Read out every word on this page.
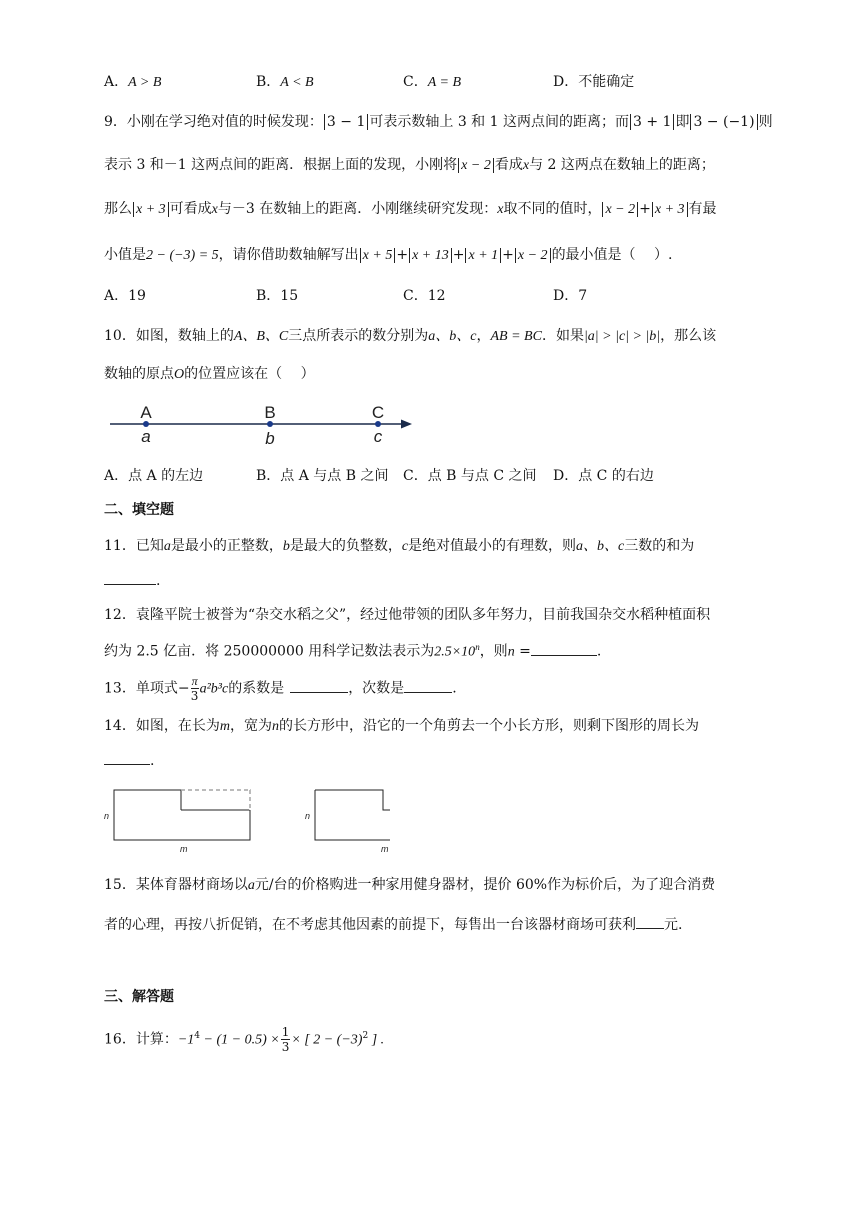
A．A > B	B．A < B	C．A = B	D．不能确定
9．小刚在学习绝对值的时候发现： 3 − 1 可表示数轴上 3 和 1 这两点间的距离；而 3 + 1 即 3 − (−1) 则
表示 3 和－1 这两点间的距离．根据上面的发现，小刚将 x − 2 看成x与 2 这两点在数轴上的距离；
那么 x + 3 可看成x与－3 在数轴上的距离．小刚继续研究发现：x取不同的值时， x − 2 + x + 3 有最
小值是2 − (−3) = 5，请你借助数轴解写出 x + 5 + x + 13 + x + 1 + x − 2 的最小值是（　 ）.
A．19	B．15	C．12	D．7
10．如图，数轴上的A、B、C三点所表示的数分别为a、b、c，AB = BC．如果|a| > |c| > |b|，那么该
数轴的原点O的位置应该在（　 ）
A	B	C
a	b	c
A．点 A 的左边	B．点 A 与点 B 之间 C．点 B 与点 C 之间 D．点 C 的右边
二、填空题
11．已知a是最小的正整数，b是最大的负整数，c是绝对值最小的有理数，则a、b、c三数的和为
.
12．袁隆平院士被誉为“杂交水稻之父”，经过他带领的团队多年努力，目前我国杂交水稻种植面积
约为 2.5 亿亩．将 250000000 用科学记数法表示为$2.5\times 10^n$，则n =	.
13．单项式− $\frac{\pi}{3} a^2b^3c$的系数是	，次数是	.
14．如图，在长为m，宽为n的长方形中，沿它的一个角剪去一个小长方形，则剩下图形的周长为
.
n
m
n
m
15．某体育器材商场以a元/台的价格购进一种家用健身器材，提价 60%作为标价后，为了迎合消费
者的心理，再按八折促销，在不考虑其他因素的前提下，每售出一台该器材商场可获利 元.
三、解答题
16．计算：$-1^4 - (1 - 0.5) \times \frac{1}{3}$ × [ $2 - (-3)^2$ ] .
